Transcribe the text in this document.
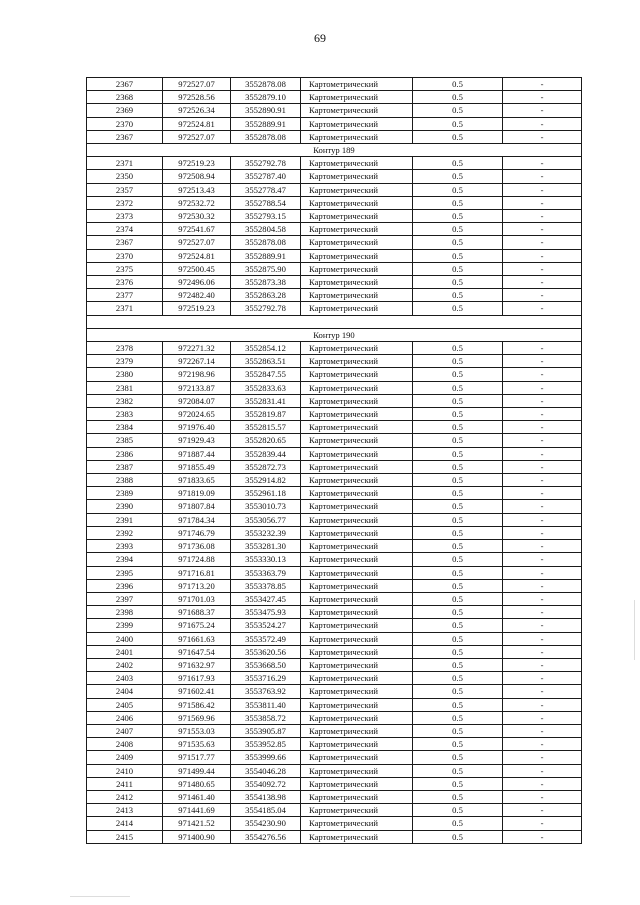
69
2367	972527.07	3552878.08	Картометрический	0.5	-
2368	972528.56	3552879.10	Картометрический	0.5	-
2369	972526.34	3552890.91	Картометрический	0.5	-
2370	972524.81	3552889.91	Картометрический	0.5	-
2367	972527.07	3552878.08	Картометрический	0.5	-
Контур 189					
2371	972519.23	3552792.78	Картометрический	0.5	-
2350	972508.94	3552787.40	Картометрический	0.5	-
2357	972513.43	3552778.47	Картометрический	0.5	-
2372	972532.72	3552788.54	Картометрический	0.5	-
2373	972530.32	3552793.15	Картометрический	0.5	-
2374	972541.67	3552804.58	Картометрический	0.5	-
2367	972527.07	3552878.08	Картометрический	0.5	-
2370	972524.81	3552889.91	Картометрический	0.5	-
2375	972500.45	3552875.90	Картометрический	0.5	-
2376	972496.06	3552873.38	Картометрический	0.5	-
2377	972482.40	3552863.28	Картометрический	0.5	-
2371	972519.23	3552792.78	Картометрический	0.5	-

Контур 190					
2378	972271.32	3552854.12	Картометрический	0.5	-
2379	972267.14	3552863.51	Картометрический	0.5	-
2380	972198.96	3552847.55	Картометрический	0.5	-
2381	972133.87	3552833.63	Картометрический	0.5	-
2382	972084.07	3552831.41	Картометрический	0.5	-
2383	972024.65	3552819.87	Картометрический	0.5	-
2384	971976.40	3552815.57	Картометрический	0.5	-
2385	971929.43	3552820.65	Картометрический	0.5	-
2386	971887.44	3552839.44	Картометрический	0.5	-
2387	971855.49	3552872.73	Картометрический	0.5	-
2388	971833.65	3552914.82	Картометрический	0.5	-
2389	971819.09	3552961.18	Картометрический	0.5	-
2390	971807.84	3553010.73	Картометрический	0.5	-
2391	971784.34	3553056.77	Картометрический	0.5	-
2392	971746.79	3553232.39	Картометрический	0.5	-
2393	971736.08	3553281.30	Картометрический	0.5	-
2394	971724.88	3553330.13	Картометрический	0.5	-
2395	971716.81	3553363.79	Картометрический	0.5	-
2396	971713.20	3553378.85	Картометрический	0.5	-
2397	971701.03	3553427.45	Картометрический	0.5	-
2398	971688.37	3553475.93	Картометрический	0.5	-
2399	971675.24	3553524.27	Картометрический	0.5	-
2400	971661.63	3553572.49	Картометрический	0.5	-
2401	971647.54	3553620.56	Картометрический	0.5	-
2402	971632.97	3553668.50	Картометрический	0.5	-
2403	971617.93	3553716.29	Картометрический	0.5	-
2404	971602.41	3553763.92	Картометрический	0.5	-
2405	971586.42	3553811.40	Картометрический	0.5	-
2406	971569.96	3553858.72	Картометрический	0.5	-
2407	971553.03	3553905.87	Картометрический	0.5	-
2408	971535.63	3553952.85	Картометрический	0.5	-
2409	971517.77	3553999.66	Картометрический	0.5	-
2410	971499.44	3554046.28	Картометрический	0.5	-
2411	971480.65	3554092.72	Картометрический	0.5	-
2412	971461.40	3554138.98	Картометрический	0.5	-
2413	971441.69	3554185.04	Картометрический	0.5	-
2414	971421.52	3554230.90	Картометрический	0.5	-
2415	971400.90	3554276.56	Картометрический	0.5	-
